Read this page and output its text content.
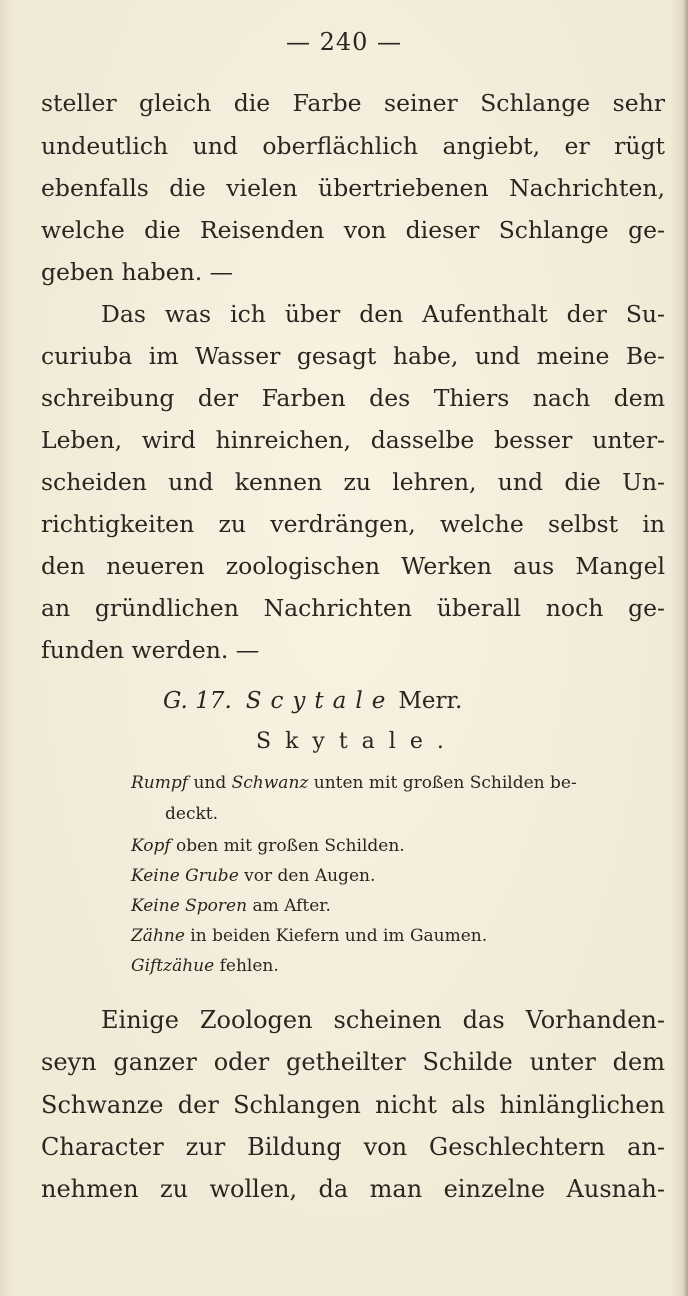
— 240 —
steller gleich die Farbe seiner Schlange sehr
undeutlich und oberflächlich angiebt, er rügt
ebenfalls die vielen übertriebenen Nachrichten,
welche die Reisenden von dieser Schlange ge-
geben haben. —
Das was ich über den Aufenthalt der Su-
curiuba im Wasser gesagt habe, und meine Be-
schreibung der Farben des Thiers nach dem
Leben, wird hinreichen, dasselbe besser unter-
scheiden und kennen zu lehren, und die Un-
richtigkeiten zu verdrängen, welche selbst in
den neueren zoologischen Werken aus Mangel
an gründlichen Nachrichten überall noch ge-
funden werden. —
G. 17. Scytale Merr.
Skytale.
Rumpf und Schwanz unten mit großen Schilden be-
deckt.
Kopf oben mit großen Schilden.
Keine Grube vor den Augen.
Keine Sporen am After.
Zähne in beiden Kiefern und im Gaumen.
Giftzähue fehlen.
Einige Zoologen scheinen das Vorhanden-
seyn ganzer oder getheilter Schilde unter dem
Schwanze der Schlangen nicht als hinlänglichen
Character zur Bildung von Geschlechtern an-
nehmen zu wollen, da man einzelne Ausnah-
